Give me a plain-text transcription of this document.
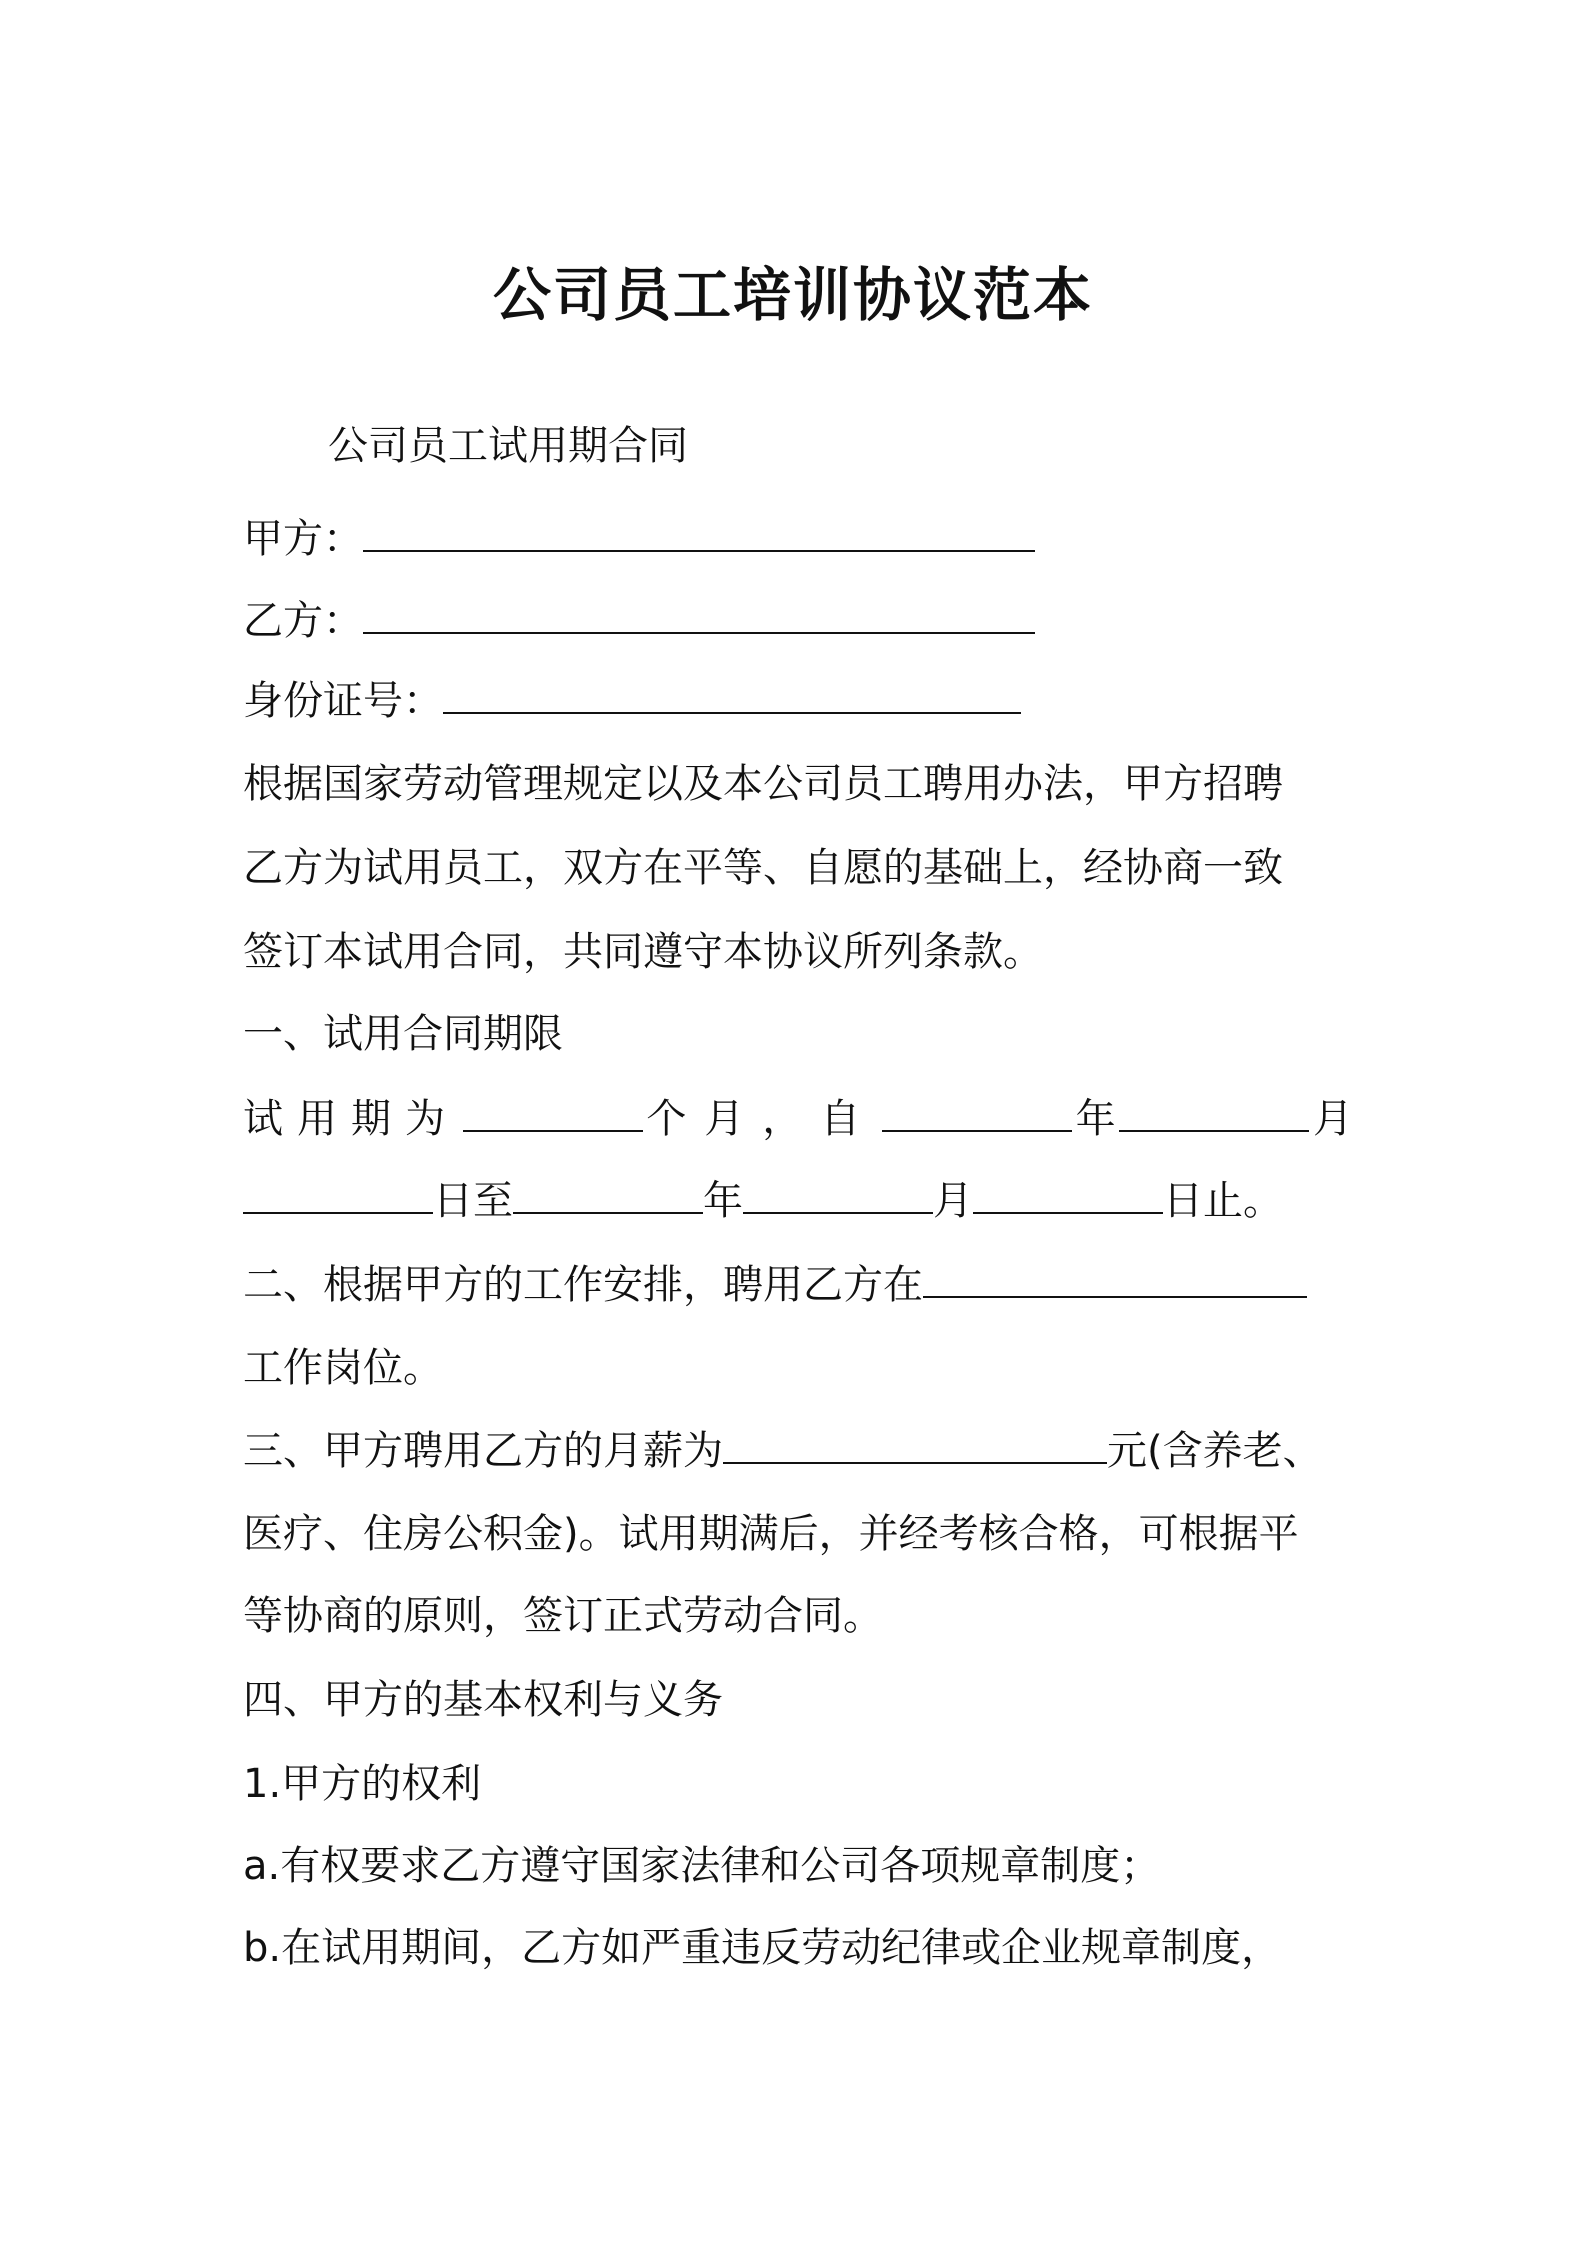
公司员工培训协议范本
公司员工试用期合同
甲方：
乙方：
身份证号：
根据国家劳动管理规定以及本公司员工聘用办法，甲方招聘
乙方为试用员工，双方在平等、自愿的基础上，经协商一致
签订本试用合同，共同遵守本协议所列条款。
一、试用合同期限
试用期为	个月，自	年	月
日至	年	月	日止。
二、根据甲方的工作安排，聘用乙方在
工作岗位。
三、甲方聘用乙方的月薪为	元(含养老、
医疗、住房公积金)。试用期满后，并经考核合格，可根据平
等协商的原则，签订正式劳动合同。
四、甲方的基本权利与义务
1.甲方的权利
a.有权要求乙方遵守国家法律和公司各项规章制度；
b.在试用期间，乙方如严重违反劳动纪律或企业规章制度，
